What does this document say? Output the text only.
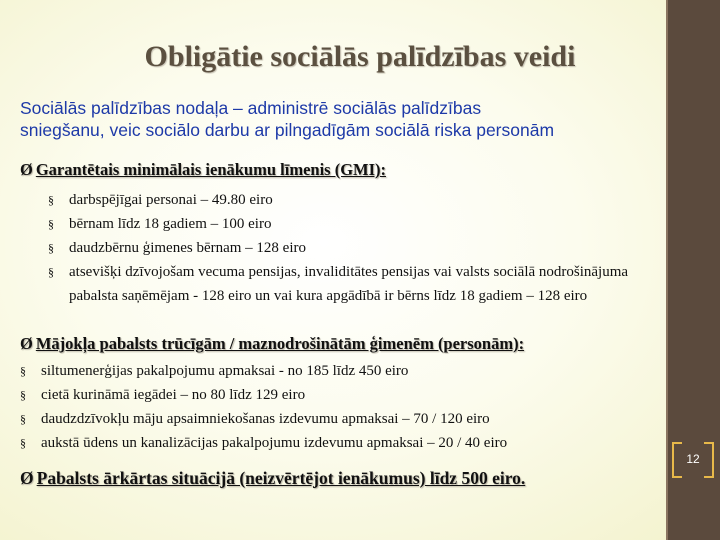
Obligātie sociālās palīdzības veidi
Sociālās palīdzības nodaļa – administrē sociālās palīdzības
sniegšanu, veic sociālo darbu ar pilngadīgām sociālā riska personām
Ø Garantētais minimālais ienākumu līmenis (GMI):
§ darbspējīgai personai – 49.80 eiro
§ bērnam līdz 18 gadiem – 100 eiro
§ daudzbērnu ģimenes bērnam – 128 eiro
§ atsevišķi dzīvojošam vecuma pensijas, invaliditātes pensijas vai valsts sociālā nodrošinājuma pabalsta saņēmējam - 128 eiro un vai kura apgādībā ir bērns līdz 18 gadiem – 128 eiro
Ø Mājokļa pabalsts trūcīgām / maznodrošinātām ģimenēm (personām):
§ siltumenerģijas pakalpojumu apmaksai - no 185 līdz 450 eiro
§ cietā kurināmā iegādei – no 80 līdz 129 eiro
§ daudzdzīvokļu māju apsaimniekošanas izdevumu apmaksai – 70 / 120 eiro
§ aukstā ūdens un kanalizācijas pakalpojumu izdevumu apmaksai – 20 / 40 eiro
Ø Pabalsts ārkārtas situācijā (neizvērtējot ienākumus) līdz 500 eiro.
12
